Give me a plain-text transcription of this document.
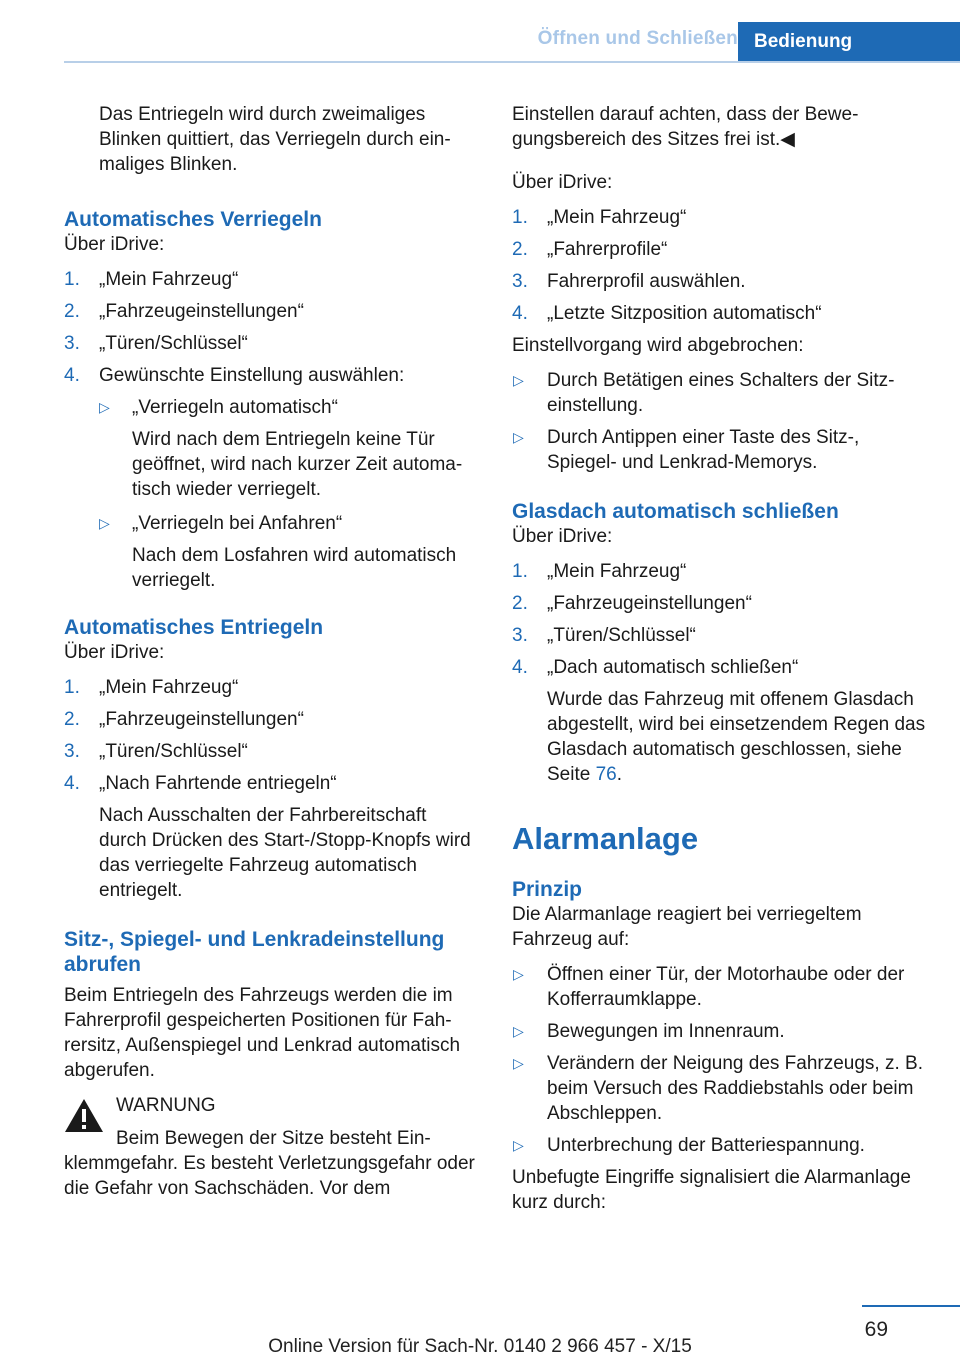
Öffnen und Schließen Bedienung

Das Entriegeln wird durch zweimaliges Blinken quittiert, das Verriegeln durch einmaliges Blinken.

Automatisches Verriegeln

Über iDrive:

1. „Mein Fahrzeug“
2. „Fahrzeugeinstellungen“
3. „Türen/Schlüssel“
4. Gewünschte Einstellung auswählen:
▷ „Verriegeln automatisch“
Wird nach dem Entriegeln keine Tür geöffnet, wird nach kurzer Zeit automatisch wieder verriegelt.
▷ „Verriegeln bei Anfahren“
Nach dem Losfahren wird automatisch verriegelt.
Automatisches Entriegeln

Über iDrive:

1. „Mein Fahrzeug“
2. „Fahrzeugeinstellungen“
3. „Türen/Schlüssel“
4. „Nach Fahrtende entriegeln“
Nach Ausschalten der Fahrbereitschaft durch Drücken des Start-/Stopp-Knopfs wird das verriegelte Fahrzeug automatisch entriegelt.
Sitz-, Spiegel- und Lenkradeinstellung abrufen

Beim Entriegeln des Fahrzeugs werden die im Fahrerprofil gespeicherten Positionen für Fahrersitz, Außenspiegel und Lenkrad automatisch abgerufen.

WARNUNG
Beim Bewegen der Sitze besteht Einklemmgefahr. Es besteht Verletzungsgefahr oder die Gefahr von Sachschäden. Vor dem

Einstellen darauf achten, dass der Bewegungsbereich des Sitzes frei ist.◀

Über iDrive:

1. „Mein Fahrzeug“
2. „Fahrerprofile“
3. Fahrerprofil auswählen.
4. „Letzte Sitzposition automatisch“

Einstellvorgang wird abgebrochen:

▷ Durch Betätigen eines Schalters der Sitzeinstellung.
▷ Durch Antippen einer Taste des Sitz-, Spiegel- und Lenkrad-Memorys.
Glasdach automatisch schließen

Über iDrive:

1. „Mein Fahrzeug“
2. „Fahrzeugeinstellungen“
3. „Türen/Schlüssel“
4. „Dach automatisch schließen“
Wurde das Fahrzeug mit offenem Glasdach abgestellt, wird bei einsetzendem Regen das Glasdach automatisch geschlossen, siehe Seite 76.
Alarmanlage
Prinzip

Die Alarmanlage reagiert bei verriegeltem Fahrzeug auf:

▷ Öffnen einer Tür, der Motorhaube oder der Kofferraumklappe.
▷ Bewegungen im Innenraum.
▷ Verändern der Neigung des Fahrzeugs, z. B. beim Versuch des Raddiebstahls oder beim Abschleppen.
▷ Unterbrechung der Batteriespannung.

Unbefugte Eingriffe signalisiert die Alarmanlage kurz durch:

69
Online Version für Sach-Nr. 0140 2 966 457 - X/15
